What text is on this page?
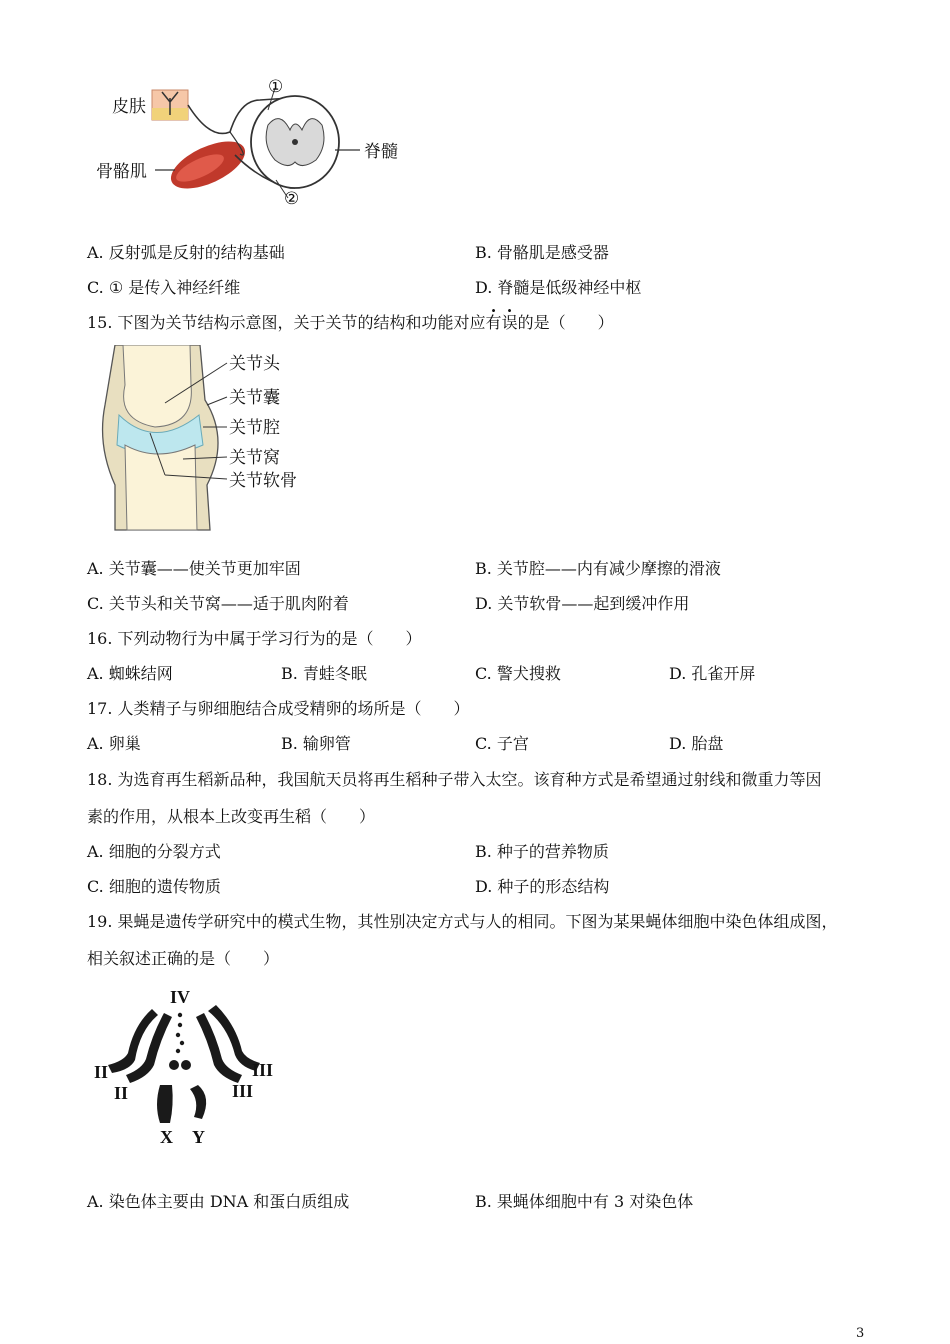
皮肤
骨骼肌
脊髓
①
②
A. 反射弧是反射的结构基础	B. 骨骼肌是感受器
C. ① 是传入神经纤维	D. 脊髓是低级神经中枢
15. 下图为关节结构示意图，关于关节的结构和功能对应有误的是（　　）
关节头
关节囊
关节腔
关节窝
关节软骨
A. 关节囊——使关节更加牢固	B. 关节腔——内有减少摩擦的滑液
C. 关节头和关节窝——适于肌肉附着	D. 关节软骨——起到缓冲作用
16. 下列动物行为中属于学习行为的是（　　）
A. 蜘蛛结网	B. 青蛙冬眠	C. 警犬搜救	D. 孔雀开屏
17. 人类精子与卵细胞结合成受精卵的场所是（　　）
A. 卵巢	B. 输卵管	C. 子宫	D. 胎盘
18. 为选育再生稻新品种，我国航天员将再生稻种子带入太空。该育种方式是希望通过射线和微重力等因
素的作用，从根本上改变再生稻（　　）
A. 细胞的分裂方式	B. 种子的营养物质
C. 细胞的遗传物质	D. 种子的形态结构
19. 果蝇是遗传学研究中的模式生物，其性别决定方式与人的相同。下图为某果蝇体细胞中染色体组成图，
相关叙述正确的是（　　）
IV
II
II
III
III
X Y
A. 染色体主要由 DNA 和蛋白质组成	B. 果蝇体细胞中有 3 对染色体
3
